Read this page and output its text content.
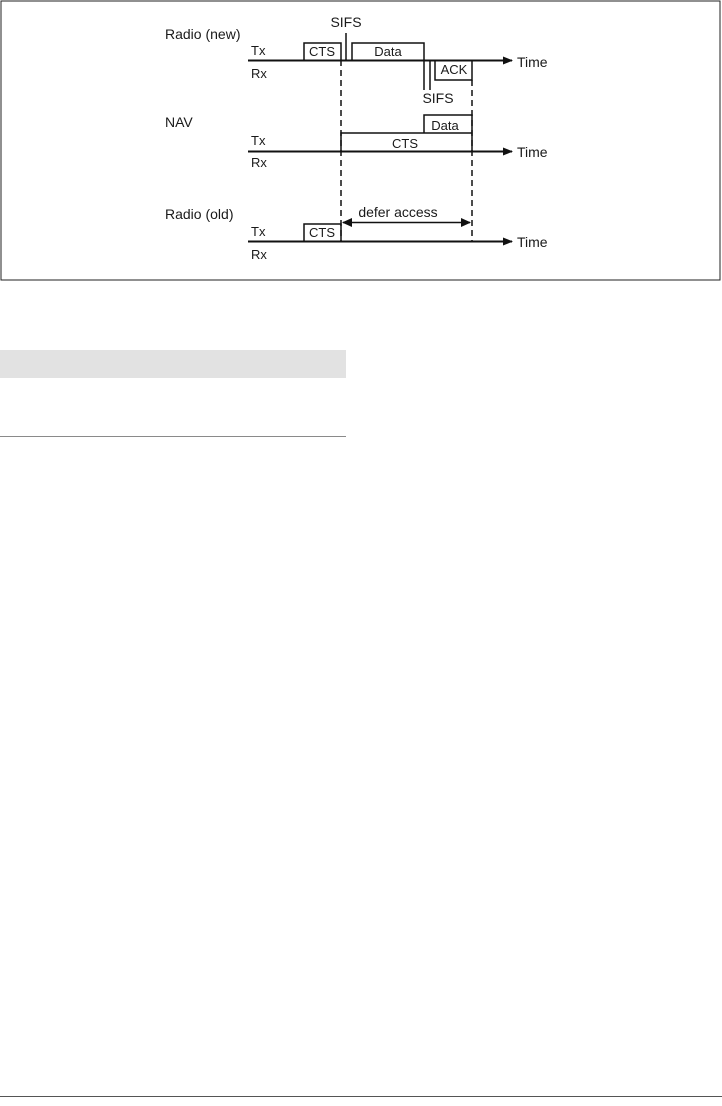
Radio (new)
Tx
Rx
Time
CTS
SIFS
Data
SIFS
ACK
NAV
Tx
Rx
Time
Data
CTS
Radio (old)
Tx
Rx
Time
CTS
defer access
